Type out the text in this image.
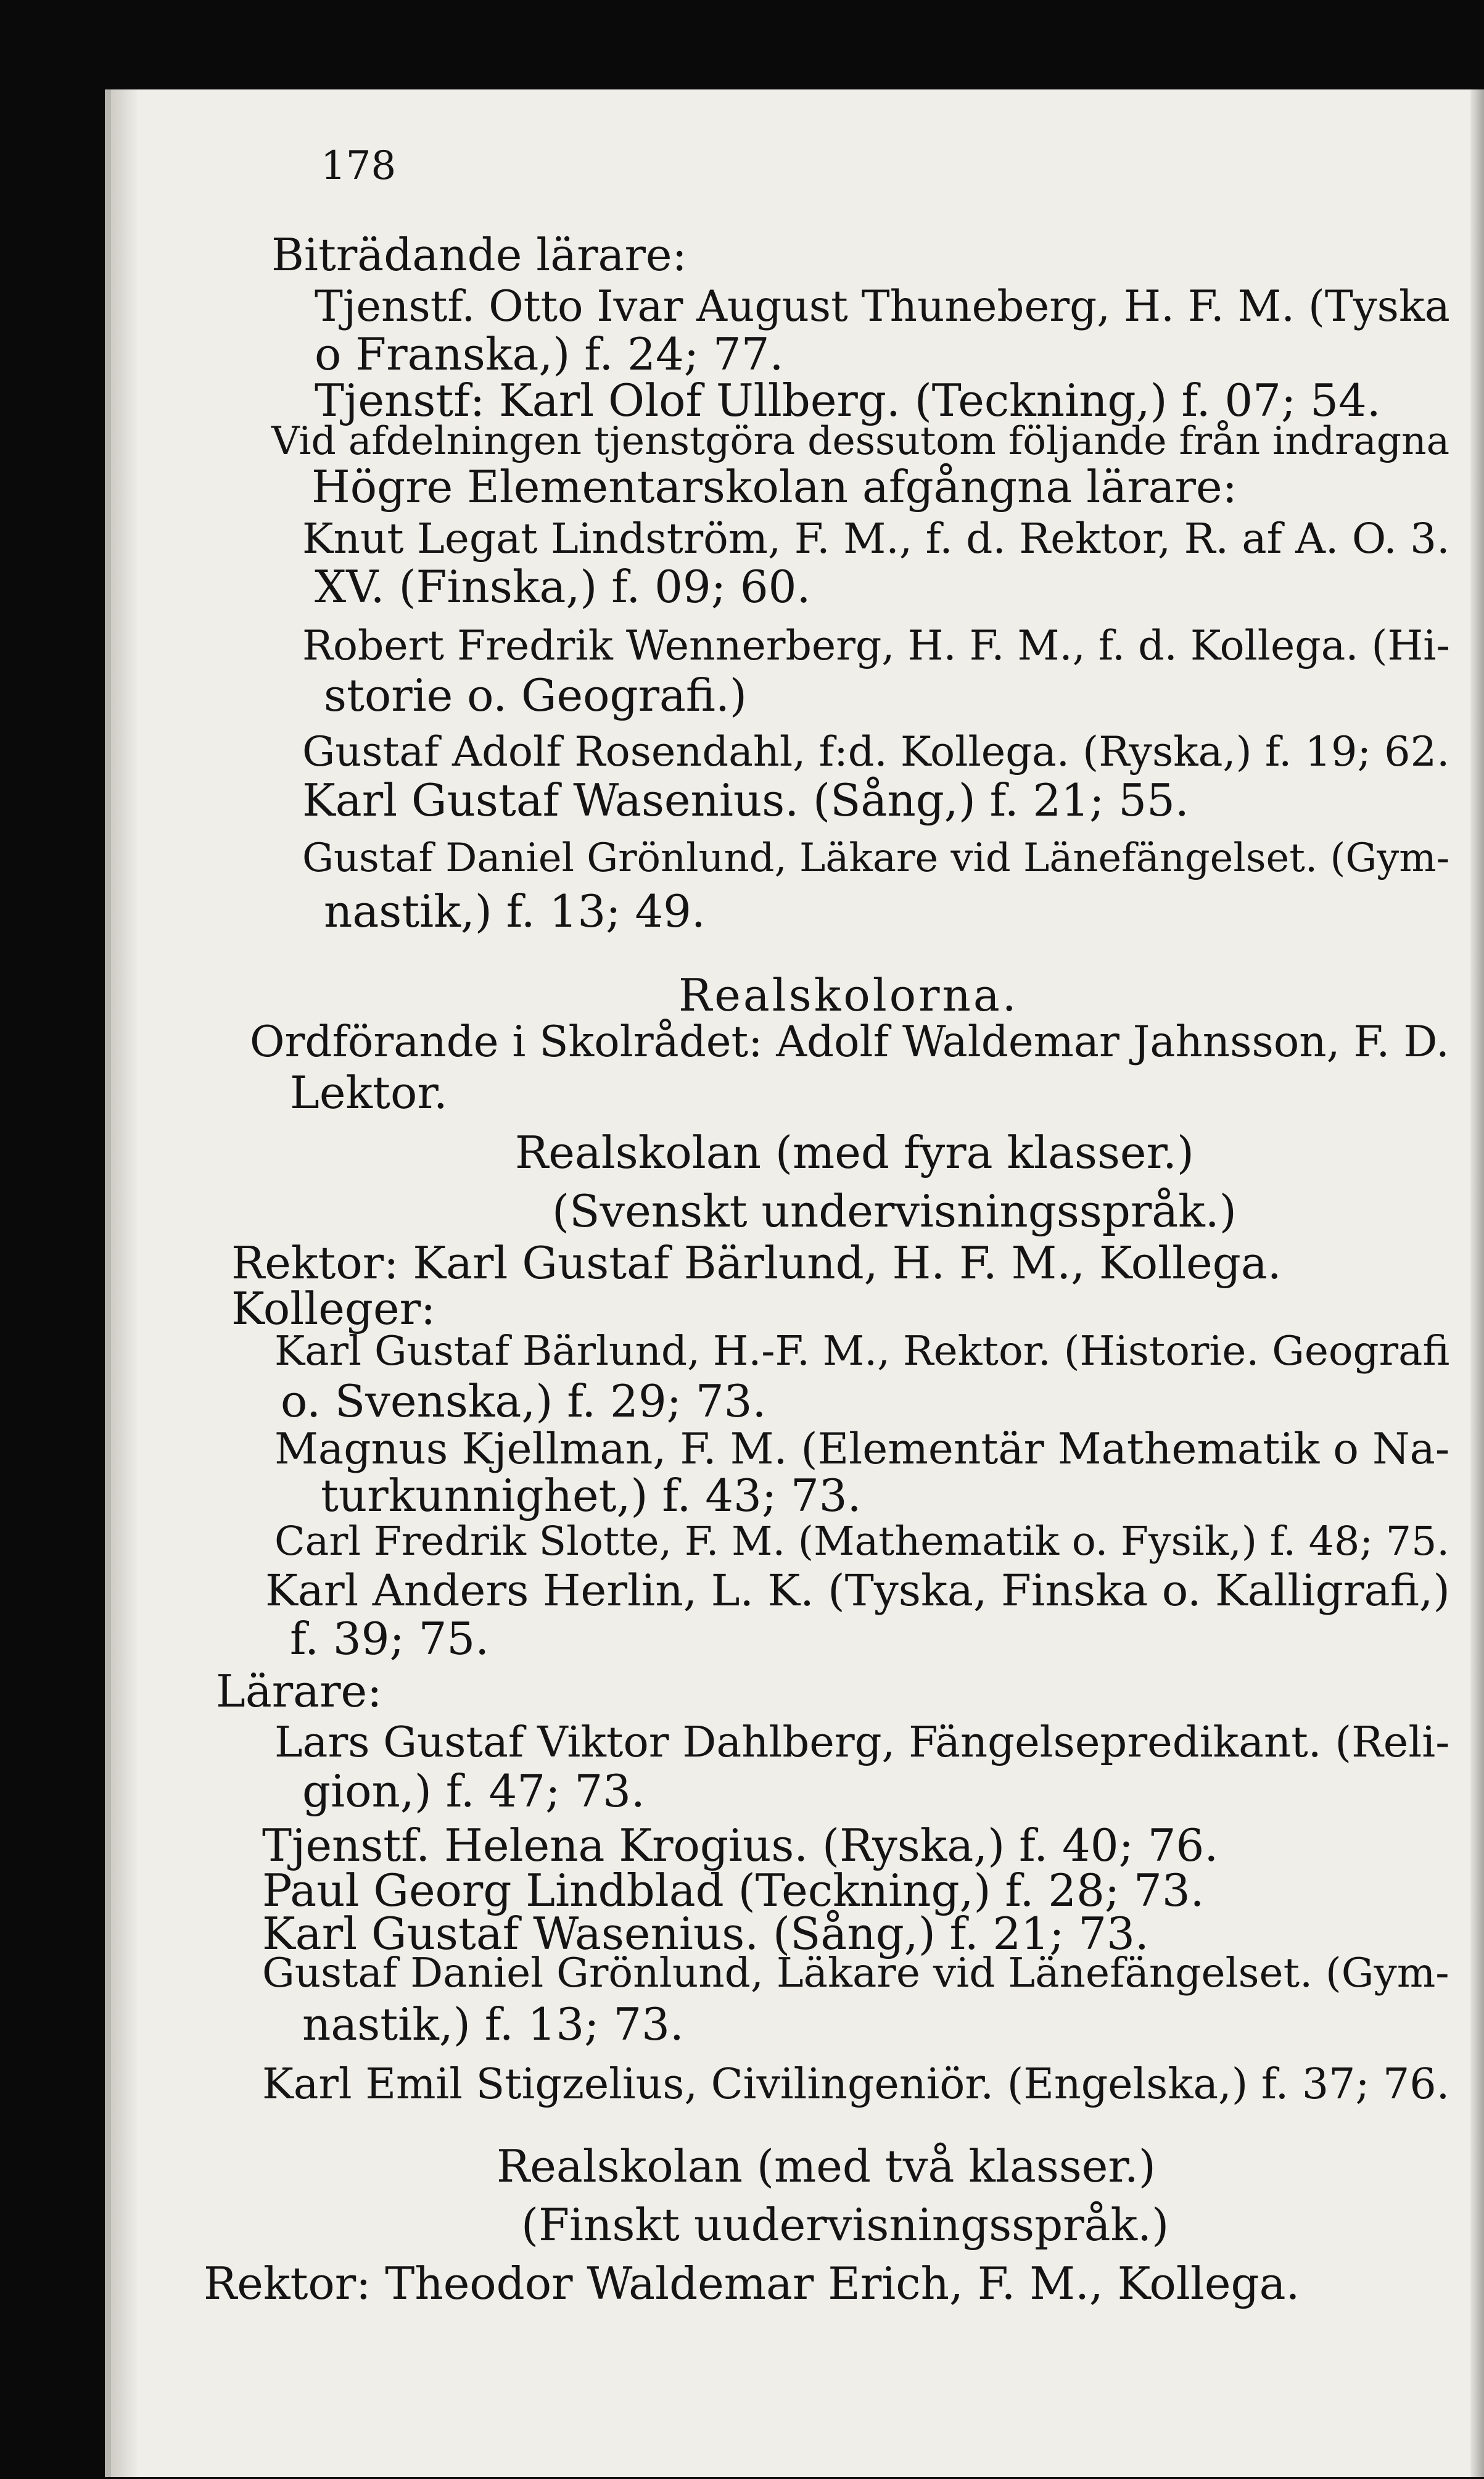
178
Biträdande lärare:
Tjenstf. Otto Ivar August Thuneberg, H. F. M. (Tyska
o Franska,) f. 24; 77.
Tjenstf: Karl Olof Ullberg. (Teckning,) f. 07; 54.
Vid afdelningen tjenstgöra dessutom följande från indragna
Högre Elementarskolan afgångna lärare:
Knut Legat Lindström, F. M., f. d. Rektor, R. af A. O. 3.
XV. (Finska,) f. 09; 60.
Robert Fredrik Wennerberg, H. F. M., f. d. Kollega. (Hi-
storie o. Geografi.)
Gustaf Adolf Rosendahl, f:d. Kollega. (Ryska,) f. 19; 62.
Karl Gustaf Wasenius. (Sång,) f. 21; 55.
Gustaf Daniel Grönlund, Läkare vid Länefängelset. (Gym-
nastik,) f. 13; 49.
Realskolorna.
Ordförande i Skolrådet: Adolf Waldemar Jahnsson, F. D.
Lektor.
Realskolan (med fyra klasser.)
(Svenskt undervisningsspråk.)
Rektor: Karl Gustaf Bärlund, H. F. M., Kollega.
Kolleger:
Karl Gustaf Bärlund, H.-F. M., Rektor. (Historie. Geografi
o. Svenska,) f. 29; 73.
Magnus Kjellman, F. M. (Elementär Mathematik o Na-
turkunnighet,) f. 43; 73.
Carl Fredrik Slotte, F. M. (Mathematik o. Fysik,) f. 48; 75.
Karl Anders Herlin, L. K. (Tyska, Finska o. Kalligrafi,)
f. 39; 75.
Lärare:
Lars Gustaf Viktor Dahlberg, Fängelsepredikant. (Reli-
gion,) f. 47; 73.
Tjenstf. Helena Krogius. (Ryska,) f. 40; 76.
Paul Georg Lindblad (Teckning,) f. 28; 73.
Karl Gustaf Wasenius. (Sång,) f. 21; 73.
Gustaf Daniel Grönlund, Läkare vid Länefängelset. (Gym-
nastik,) f. 13; 73.
Karl Emil Stigzelius, Civilingeniör. (Engelska,) f. 37; 76.
Realskolan (med två klasser.)
(Finskt uudervisningsspråk.)
Rektor: Theodor Waldemar Erich, F. M., Kollega.
